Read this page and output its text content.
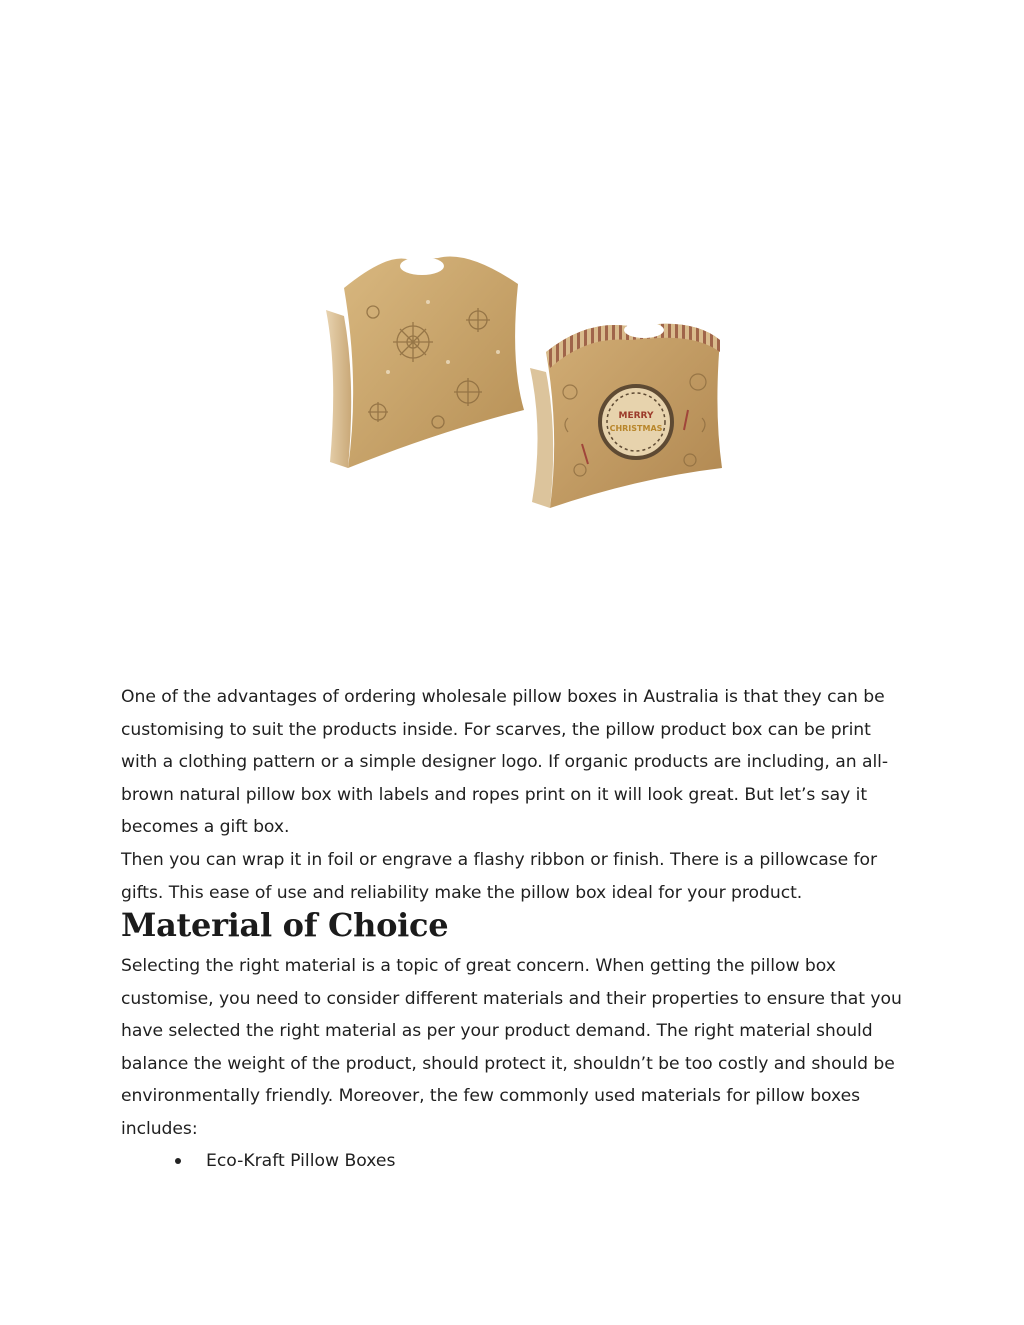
MERRY
CHRISTMAS

One of the advantages of ordering wholesale pillow boxes in Australia is that they can be customising to suit the products inside. For scarves, the pillow product box can be print with a clothing pattern or a simple designer logo. If organic products are including, an all-brown natural pillow box with labels and ropes print on it will look great. But let’s say it becomes a gift box.

Then you can wrap it in foil or engrave a flashy ribbon or finish. There is a pillowcase for gifts. This ease of use and reliability make the pillow box ideal for your product.

Material of Choice

Selecting the right material is a topic of great concern. When getting the pillow box customise, you need to consider different materials and their properties to ensure that you have selected the right material as per your product demand. The right material should balance the weight of the product, should protect it, shouldn’t be too costly and should be environmentally friendly. Moreover, the few commonly used materials for pillow boxes includes:

Eco-Kraft Pillow Boxes
